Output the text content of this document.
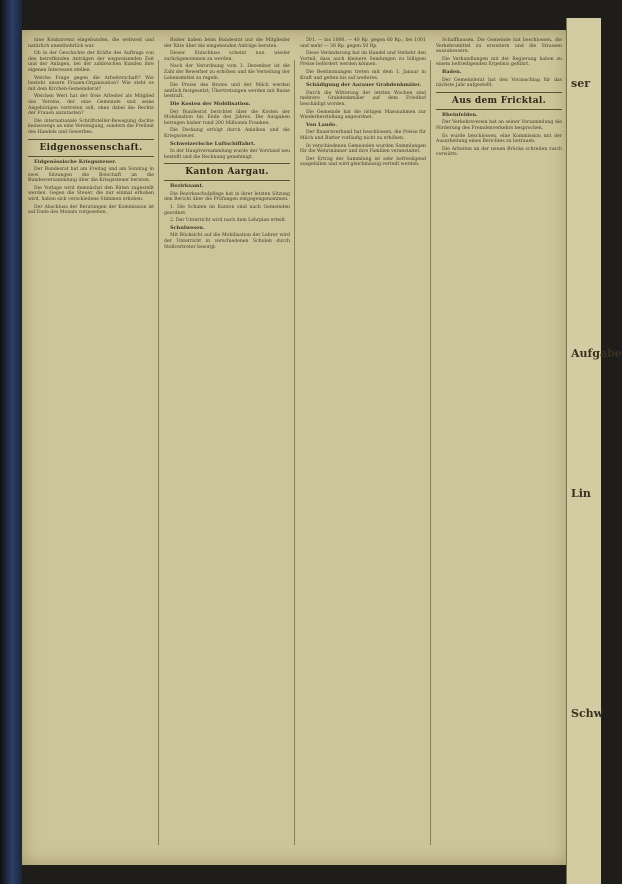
nine Konkurrenz eingebunden, die weltweit und natürlich unentbehrlich war.

Ob in der Geschichte der Kräfte des Auftrags von den betreffenden Anträgen der wegweisenden Zeit und der Anlagen, bei der zahlreichen Kunden ihre eigenen Interessen stellen.

Welche Frage gegen die Arbeiterschaft? Wie besteht unsere Frauen-Organisation? Wie steht es mit dem Kirchen-Gemeinderat?

Welchen Wert hat der freie Arbeiter als Mitglied des Vereins, der eine Gemeinde und seine Angehörigen vertreten soll, ohne dabei die Rechte der Frauen anzutasten?

Die internationale Schriftsteller-Bewegung dachte keineswegs an eine Vereinigung, sondern die Freiheit des Handels und Gewerbes.

Eidgenossenschaft.

Eidgenössische Kriegssteuer.

Der Bundesrat hat am Freitag und am Sonntag in zwei Sitzungen die Botschaft an die Bundesversammlung über die Kriegssteuer beraten.

Die Vorlage wird demnächst den Räten zugestellt werden. Gegen die Steuer, die nur einmal erhoben wird, haben sich verschiedene Stimmen erhoben.

Der Abschluss der Beratungen der Kommission ist auf Ende des Monats vorgesehen.

Bisher haben beim Bundesrat nur die Mitglieder der Räte über die eingehenden Anträge beraten.

Dieser Entschluss scheint nun wieder zurückgenommen zu werden.

Nach der Verordnung vom 3. Dezember ist die Zahl der Bewerber zu erhöhen und die Verteilung der Lebensmittel zu regeln.

Die Preise des Brotes und der Milch werden amtlich festgesetzt; Übertretungen werden mit Busse bestraft.

Die Kosten der Mobilisation.

Der Bundesrat berichtet über die Kosten der Mobilisation bis Ende des Jahres. Die Ausgaben betragen bisher rund 200 Millionen Franken.

Die Deckung erfolgt durch Anleihen und die Kriegssteuer.

Schweizerische Luftschiffahrt.

In der Hauptversammlung wurde der Vorstand neu bestellt und die Rechnung genehmigt.

Kanton Aargau.

Bezirksamt.

Die Bezirksschulpflege hat in ihrer letzten Sitzung den Bericht über die Prüfungen entgegengenommen.

1. Die Schulen im Kanton sind nach Gemeinden geordnet.

2. Der Unterricht wird nach dem Lehrplan erteilt.

Schulwesen.

Mit Rücksicht auf die Mobilisation der Lehrer wird der Unterricht in verschiedenen Schulen durch Stellvertreter besorgt.

501. — bis 1000. — 40 Rp. gegen 60 Rp.; bei 1001 und mehr — 30 Rp. gegen 50 Rp.

Diese Veränderung hat im Handel und Verkehr den Vorteil, dass auch kleinere Sendungen zu billigem Preise befördert werden können.

Die Bestimmungen treten mit dem 1. Januar in Kraft und gelten bis auf weiteres.

Schädigung der Aarauer Grabdenkmäler.

Durch die Witterung der letzten Wochen sind mehrere Grabdenkmäler auf dem Friedhof beschädigt worden.

Die Gemeinde hat die nötigen Massnahmen zur Wiederherstellung angeordnet.

Von Lande.

Der Bauernverband hat beschlossen, die Preise für Milch und Butter vorläufig nicht zu erhöhen.

In verschiedenen Gemeinden wurden Sammlungen für die Wehrmänner und ihre Familien veranstaltet.

Der Ertrag der Sammlung ist sehr befriedigend ausgefallen und wird gleichmässig verteilt werden.

Schaffhausen. Die Gemeinde hat beschlossen, die Verkehrsmittel zu erweitern und die Strassen auszubessern.

Die Verhandlungen mit der Regierung haben zu einem befriedigenden Ergebnis geführt.

Baden.

Der Gemeinderat hat den Voranschlag für das nächste Jahr aufgestellt.

Aus dem Fricktal.

Rheinfelden.

Der Verkehrsverein hat an seiner Versammlung die Förderung des Fremdenverkehrs besprochen.

Es wurde beschlossen, eine Kommission mit der Ausarbeitung eines Berichtes zu betrauen.

Die Arbeiten an der neuen Brücke schreiten rasch vorwärts.

ser
Aufgabe
Lin
Schw
